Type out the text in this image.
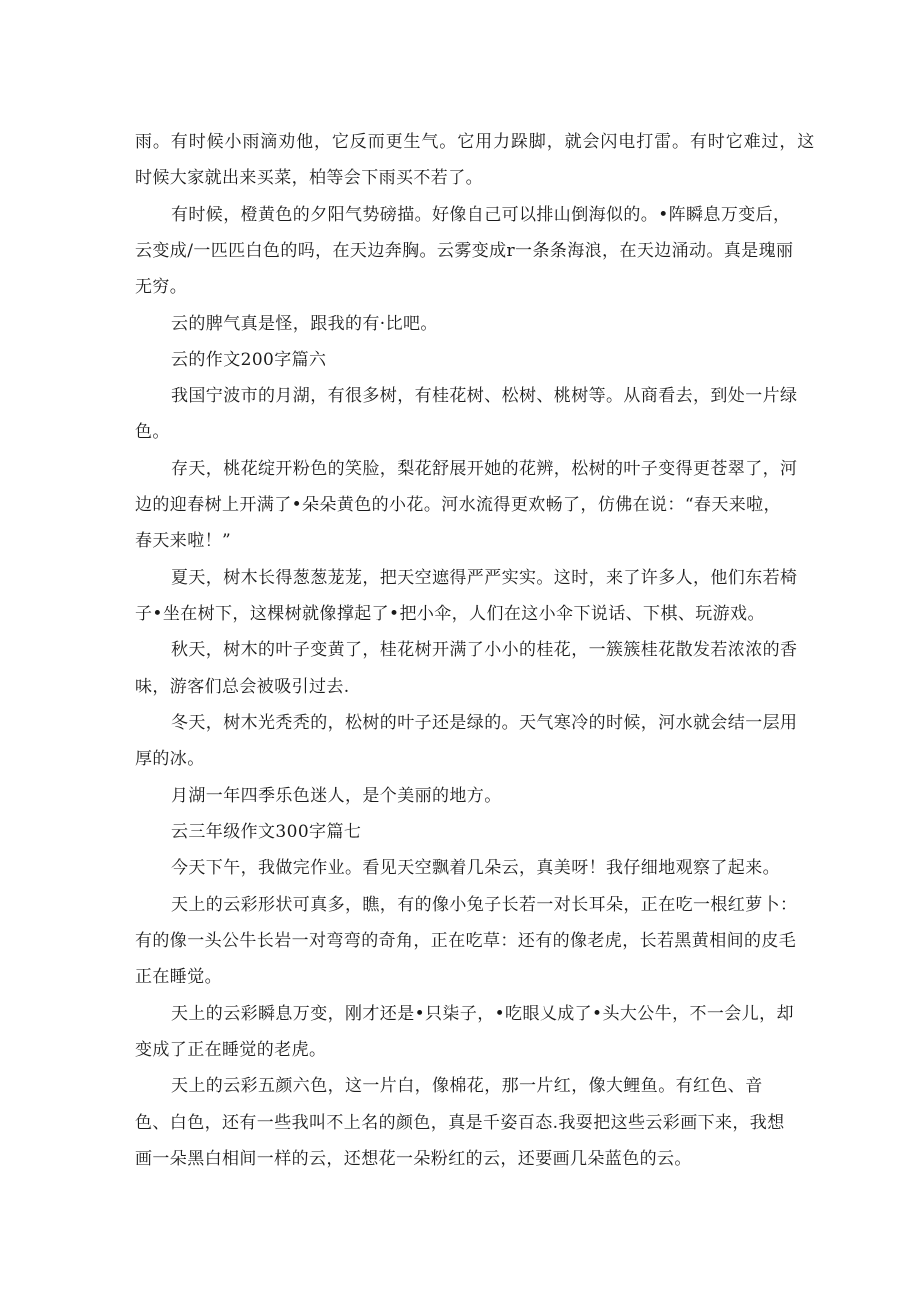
雨。有时候小雨滴劝他，它反而更生气。它用力跺脚，就会闪电打雷。有时它难过，这
时候大家就出来买菜，柏等会下雨买不若了。
有时候，橙黄色的夕阳气势磅描。好像自己可以排山倒海似的。•阵瞬息万变后，
云变成/一匹匹白色的吗，在天边奔胸。云雾变成r一条条海浪，在天边涌动。真是瑰丽
无穷。
云的脾气真是怪，跟我的有·比吧。
云的作文200字篇六
我国宁波市的月湖，有很多树，有桂花树、松树、桃树等。从商看去，到处一片绿
色。
存天，桃花绽开粉色的笑脸，梨花舒展开她的花辨，松树的叶子变得更苍翠了，河
边的迎春树上开满了•朵朵黄色的小花。河水流得更欢畅了，仿佛在说：“春天来啦，
春天来啦！”
夏天，树木长得葱葱茏茏，把天空遮得严严实实。这时，来了许多人，他们东若椅
子•坐在树下，这棵树就像撑起了•把小伞，人们在这小伞下说话、下棋、玩游戏。
秋天，树木的叶子变黄了，桂花树开满了小小的桂花，一簇簇桂花散发若浓浓的香
味，游客们总会被吸引过去.
冬天，树木光秃秃的，松树的叶子还是绿的。天气寒冷的时候，河水就会结一层用
厚的冰。
月湖一年四季乐色迷人，是个美丽的地方。
云三年级作文300字篇七
今天下午，我做完作业。看见天空飘着几朵云，真美呀！我仔细地观察了起来。
天上的云彩形状可真多，瞧，有的像小兔子长若一对长耳朵，正在吃一根红萝卜：
有的像一头公牛长岩一对弯弯的奇角，正在吃草：还有的像老虎，长若黑黄相间的皮毛
正在睡觉。
天上的云彩瞬息万变，刚才还是•只柒子，•吃眼乂成了•头大公牛，不一会儿，却
变成了正在睡觉的老虎。
天上的云彩五颜六色，这一片白，像棉花，那一片红，像大鲤鱼。有红色、音
色、白色，还有一些我叫不上名的颜色，真是千姿百态.我耍把这些云彩画下来，我想
画一朵黑白相间一样的云，还想花一朵粉红的云，还要画几朵蓝色的云。
